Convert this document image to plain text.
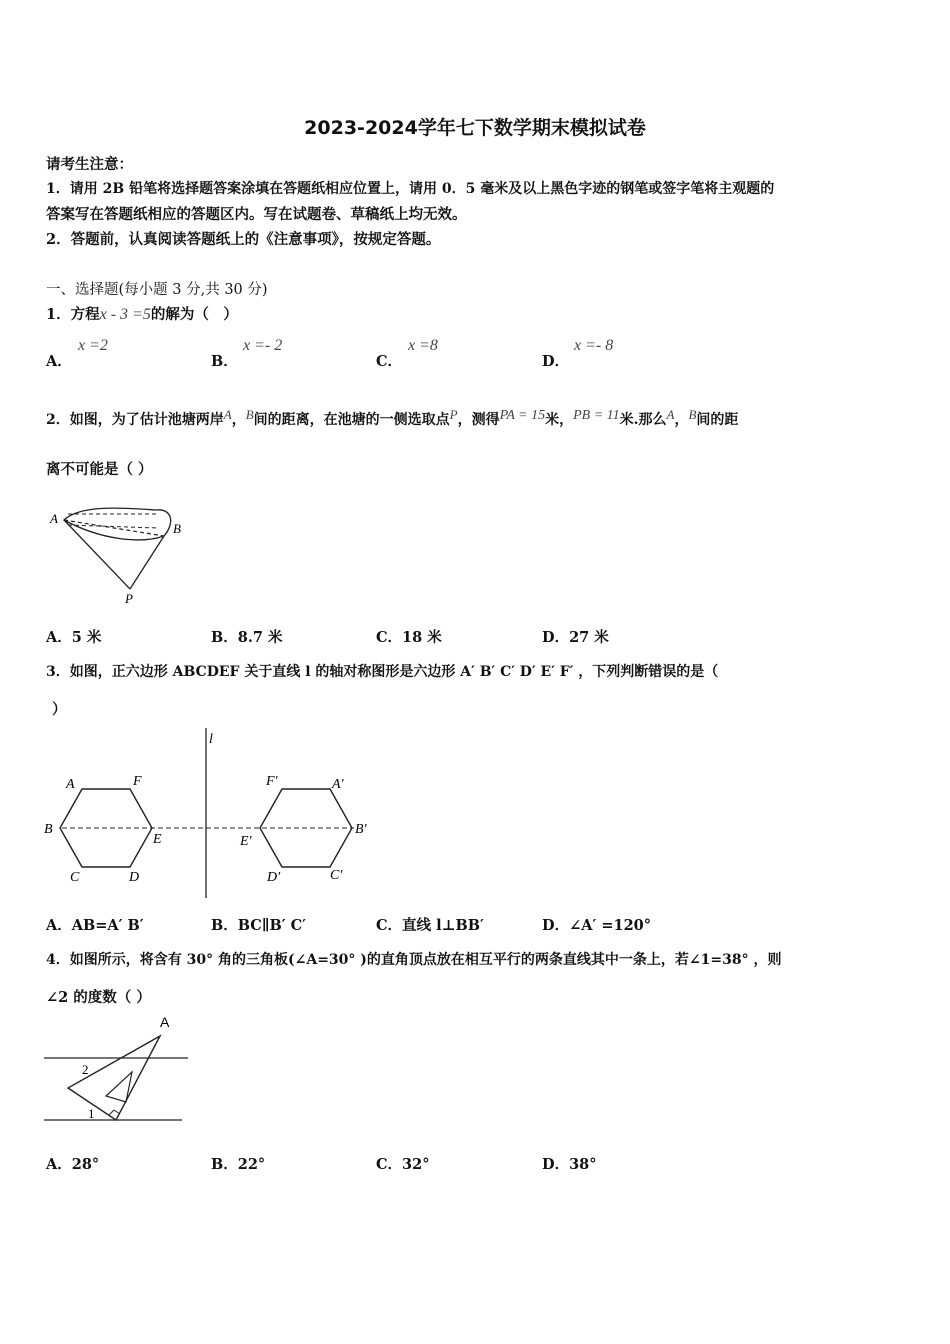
2023-2024学年七下数学期末模拟试卷
请考生注意：
1．请用 2B 铅笔将选择题答案涂填在答题纸相应位置上，请用 0．5 毫米及以上黑色字迹的钢笔或签字笔将主观题的
答案写在答题纸相应的答题区内。写在试题卷、草稿纸上均无效。
2．答题前，认真阅读答题纸上的《注意事项》，按规定答题。
一、选择题(每小题 3 分,共 30 分)
1．方程x - 3 =5的解为（　）
A．
x =2
B．
x =- 2
C．
x =8
D．
x =- 8
2．如图，为了估计池塘两岸A，B间的距离，在池塘的一侧选取点P，测得PA = 15米，PB = 11米.那么A，B间的距
离不可能是（ ）
A
B
P
A．5 米	B．8.7 米	C．18 米	D．27 米
3．如图，正六边形 ABCDEF 关于直线 l 的轴对称图形是六边形 A′ B′ C′ D′ E′ F′ ，下列判断错误的是（
）
l
A	F
B
E
C	D
F′	A′
B′
E′
D′	C′
A．AB=A′ B′	B．BC∥B′ C′	C．直线 l⊥BB′	D．∠A′ =120°
4．如图所示，将含有 30° 角的三角板(∠A=30° )的直角顶点放在相互平行的两条直线其中一条上，若∠1=38° ，则
∠2 的度数（ ）
A
2
1
A．28°	B．22°	C．32°	D．38°
